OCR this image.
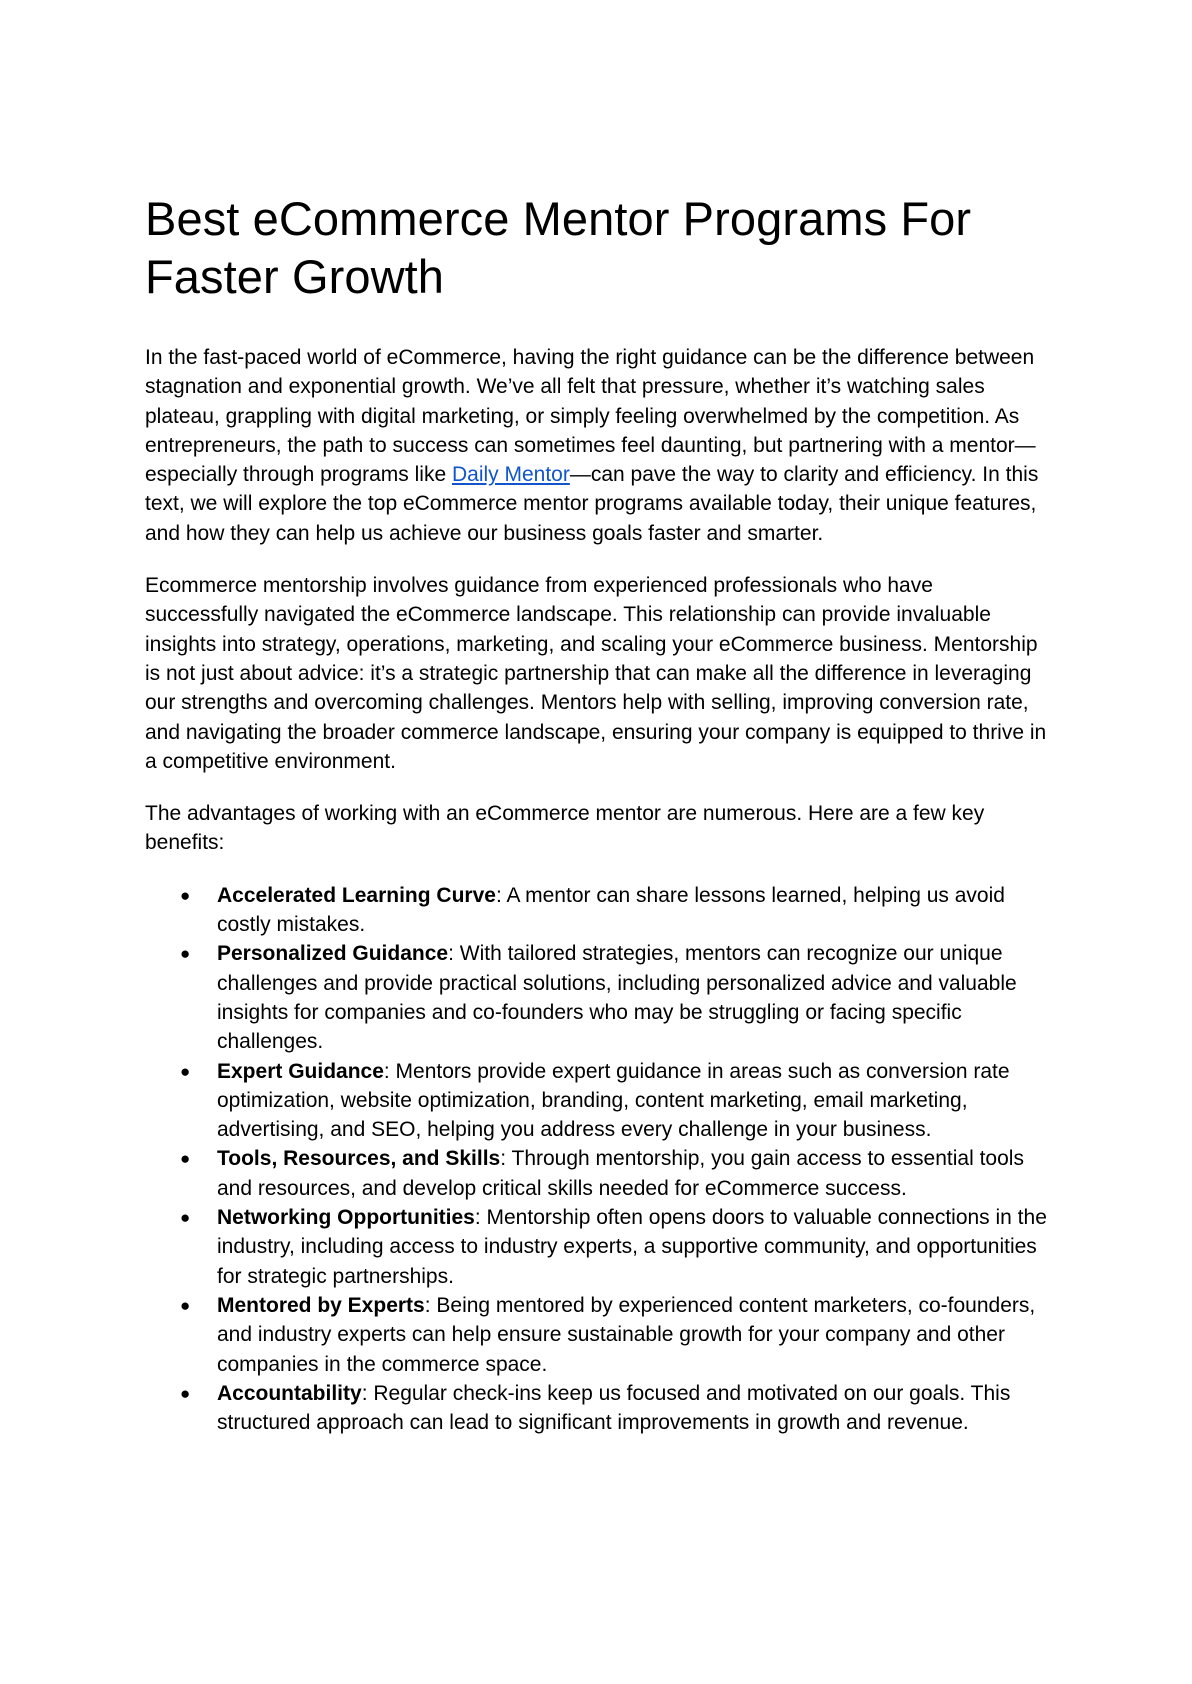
Best eCommerce Mentor Programs For Faster Growth

In the fast-paced world of eCommerce, having the right guidance can be the difference between stagnation and exponential growth. We’ve all felt that pressure, whether it’s watching sales plateau, grappling with digital marketing, or simply feeling overwhelmed by the competition. As entrepreneurs, the path to success can sometimes feel daunting, but partnering with a mentor—especially through programs like Daily Mentor—can pave the way to clarity and efficiency. In this text, we will explore the top eCommerce mentor programs available today, their unique features, and how they can help us achieve our business goals faster and smarter.

Ecommerce mentorship involves guidance from experienced professionals who have successfully navigated the eCommerce landscape. This relationship can provide invaluable insights into strategy, operations, marketing, and scaling your eCommerce business. Mentorship is not just about advice: it’s a strategic partnership that can make all the difference in leveraging our strengths and overcoming challenges. Mentors help with selling, improving conversion rate, and navigating the broader commerce landscape, ensuring your company is equipped to thrive in a competitive environment.

The advantages of working with an eCommerce mentor are numerous. Here are a few key benefits:

● Accelerated Learning Curve: A mentor can share lessons learned, helping us avoid costly mistakes.
● Personalized Guidance: With tailored strategies, mentors can recognize our unique challenges and provide practical solutions, including personalized advice and valuable insights for companies and co-founders who may be struggling or facing specific challenges.
● Expert Guidance: Mentors provide expert guidance in areas such as conversion rate optimization, website optimization, branding, content marketing, email marketing, advertising, and SEO, helping you address every challenge in your business.
● Tools, Resources, and Skills: Through mentorship, you gain access to essential tools and resources, and develop critical skills needed for eCommerce success.
● Networking Opportunities: Mentorship often opens doors to valuable connections in the industry, including access to industry experts, a supportive community, and opportunities for strategic partnerships.
● Mentored by Experts: Being mentored by experienced content marketers, co-founders, and industry experts can help ensure sustainable growth for your company and other companies in the commerce space.
● Accountability: Regular check-ins keep us focused and motivated on our goals. This structured approach can lead to significant improvements in growth and revenue.
